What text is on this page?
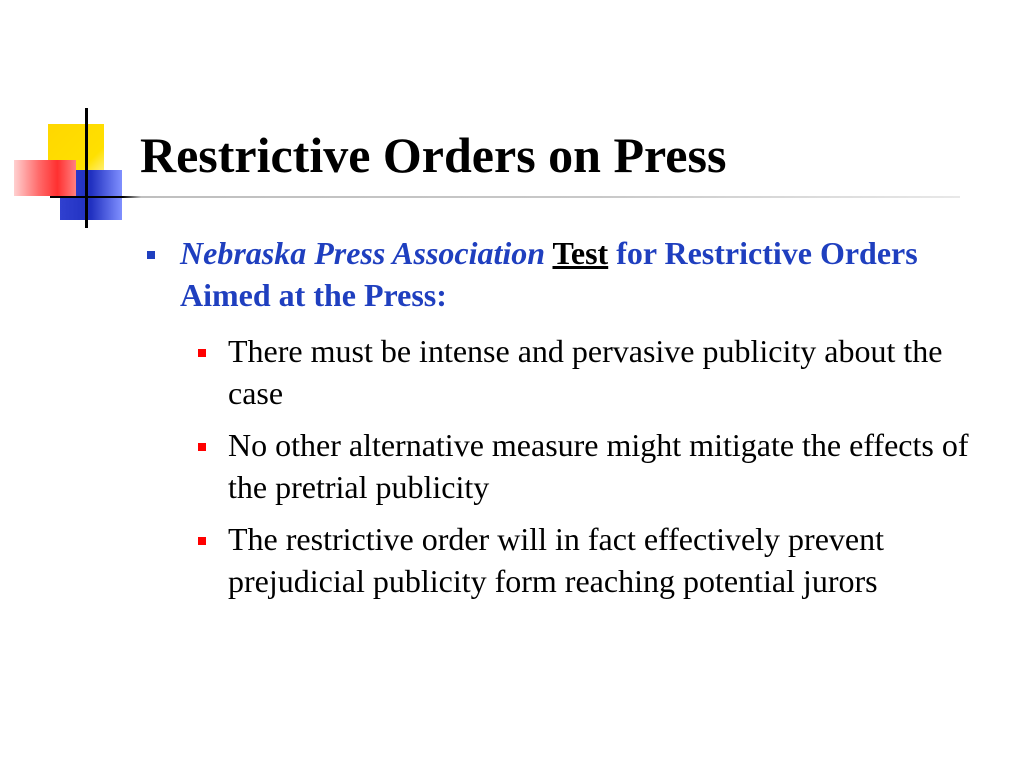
Restrictive Orders on Press
Nebraska Press Association Test for Restrictive Orders Aimed at the Press:
There must be intense and pervasive publicity about the case
No other alternative measure might mitigate the effects of the pretrial publicity
The restrictive order will in fact effectively prevent prejudicial publicity form reaching potential jurors
